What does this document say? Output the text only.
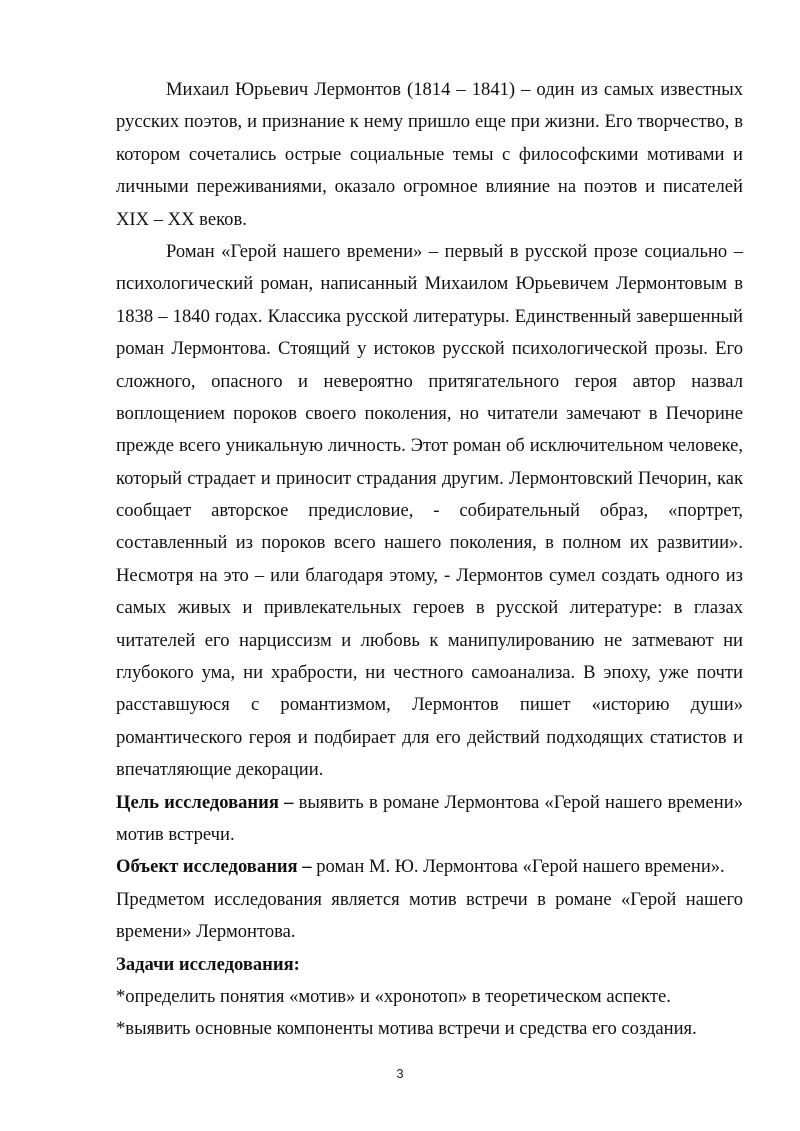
Михаил Юрьевич Лермонтов (1814 – 1841) – один из самых известных
русских поэтов, и признание к нему пришло еще при жизни. Его творчество, в
котором сочетались острые социальные темы с философскими мотивами и
личными переживаниями, оказало огромное влияние на поэтов и писателей
XIX – XX веков.
Роман «Герой нашего времени» – первый в русской прозе социально –
психологический роман, написанный Михаилом Юрьевичем Лермонтовым в
1838 – 1840 годах. Классика русской литературы. Единственный завершенный
роман Лермонтова. Стоящий у истоков русской психологической прозы. Его
сложного, опасного и невероятно притягательного героя автор назвал
воплощением пороков своего поколения, но читатели замечают в Печорине
прежде всего уникальную личность. Этот роман об исключительном человеке,
который страдает и приносит страдания другим. Лермонтовский Печорин, как
сообщает авторское предисловие, - собирательный образ, «портрет,
составленный из пороков всего нашего поколения, в полном их развитии».
Несмотря на это – или благодаря этому, - Лермонтов сумел создать одного из
самых живых и привлекательных героев в русской литературе: в глазах
читателей его нарциссизм и любовь к манипулированию не затмевают ни
глубокого ума, ни храбрости, ни честного самоанализа. В эпоху, уже почти
расставшуюся с романтизмом, Лермонтов пишет «историю души»
романтического героя и подбирает для его действий подходящих статистов и
впечатляющие декорации.
Цель исследования – выявить в романе Лермонтова «Герой нашего времени»
мотив встречи.
Объект исследования – роман М. Ю. Лермонтова «Герой нашего времени».
Предметом исследования является мотив встречи в романе «Герой нашего
времени» Лермонтова.
Задачи исследования:
*определить понятия «мотив» и «хронотоп» в теоретическом аспекте.
*выявить основные компоненты мотива встречи и средства его создания.
3
